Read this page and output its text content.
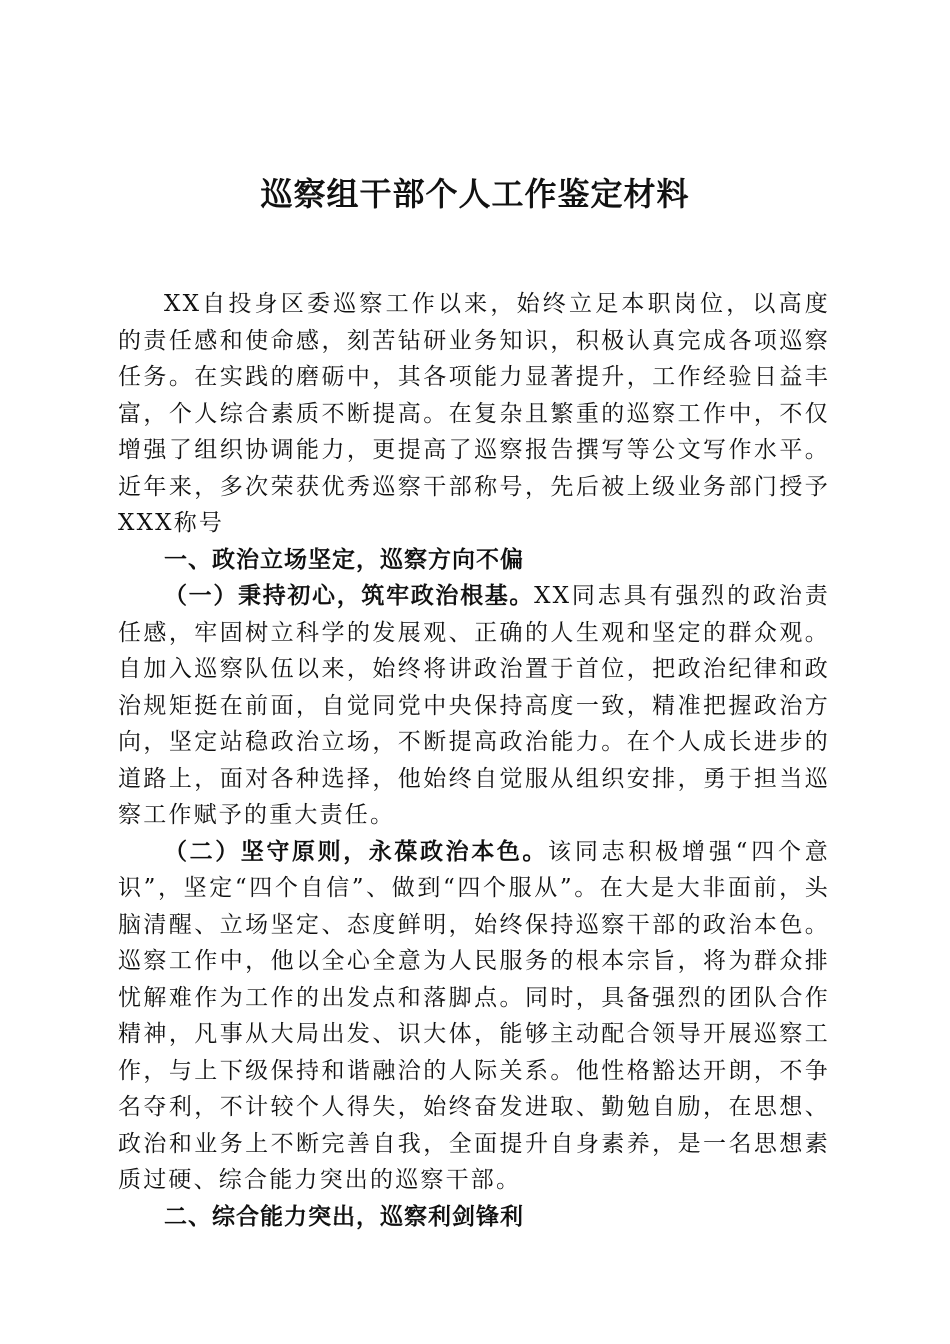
巡察组干部个人工作鉴定材料

XX自投身区委巡察工作以来，始终立足本职岗位，以高度的责任感和使命感，刻苦钻研业务知识，积极认真完成各项巡察任务。在实践的磨砺中，其各项能力显著提升，工作经验日益丰富，个人综合素质不断提高。在复杂且繁重的巡察工作中，不仅增强了组织协调能力，更提高了巡察报告撰写等公文写作水平。近年来，多次荣获优秀巡察干部称号，先后被上级业务部门授予XXX称号

一、政治立场坚定，巡察方向不偏

（一）秉持初心，筑牢政治根基。XX同志具有强烈的政治责任感，牢固树立科学的发展观、正确的人生观和坚定的群众观。自加入巡察队伍以来，始终将讲政治置于首位，把政治纪律和政治规矩挺在前面，自觉同党中央保持高度一致，精准把握政治方向，坚定站稳政治立场，不断提高政治能力。在个人成长进步的道路上，面对各种选择，他始终自觉服从组织安排，勇于担当巡察工作赋予的重大责任。

（二）坚守原则，永葆政治本色。该同志积极增强“四个意识”，坚定“四个自信”、做到“四个服从”。在大是大非面前，头脑清醒、立场坚定、态度鲜明，始终保持巡察干部的政治本色。巡察工作中，他以全心全意为人民服务的根本宗旨，将为群众排忧解难作为工作的出发点和落脚点。同时，具备强烈的团队合作精神，凡事从大局出发、识大体，能够主动配合领导开展巡察工作，与上下级保持和谐融洽的人际关系。他性格豁达开朗，不争名夺利，不计较个人得失，始终奋发进取、勤勉自励，在思想、政治和业务上不断完善自我，全面提升自身素养，是一名思想素质过硬、综合能力突出的巡察干部。

二、综合能力突出，巡察利剑锋利
